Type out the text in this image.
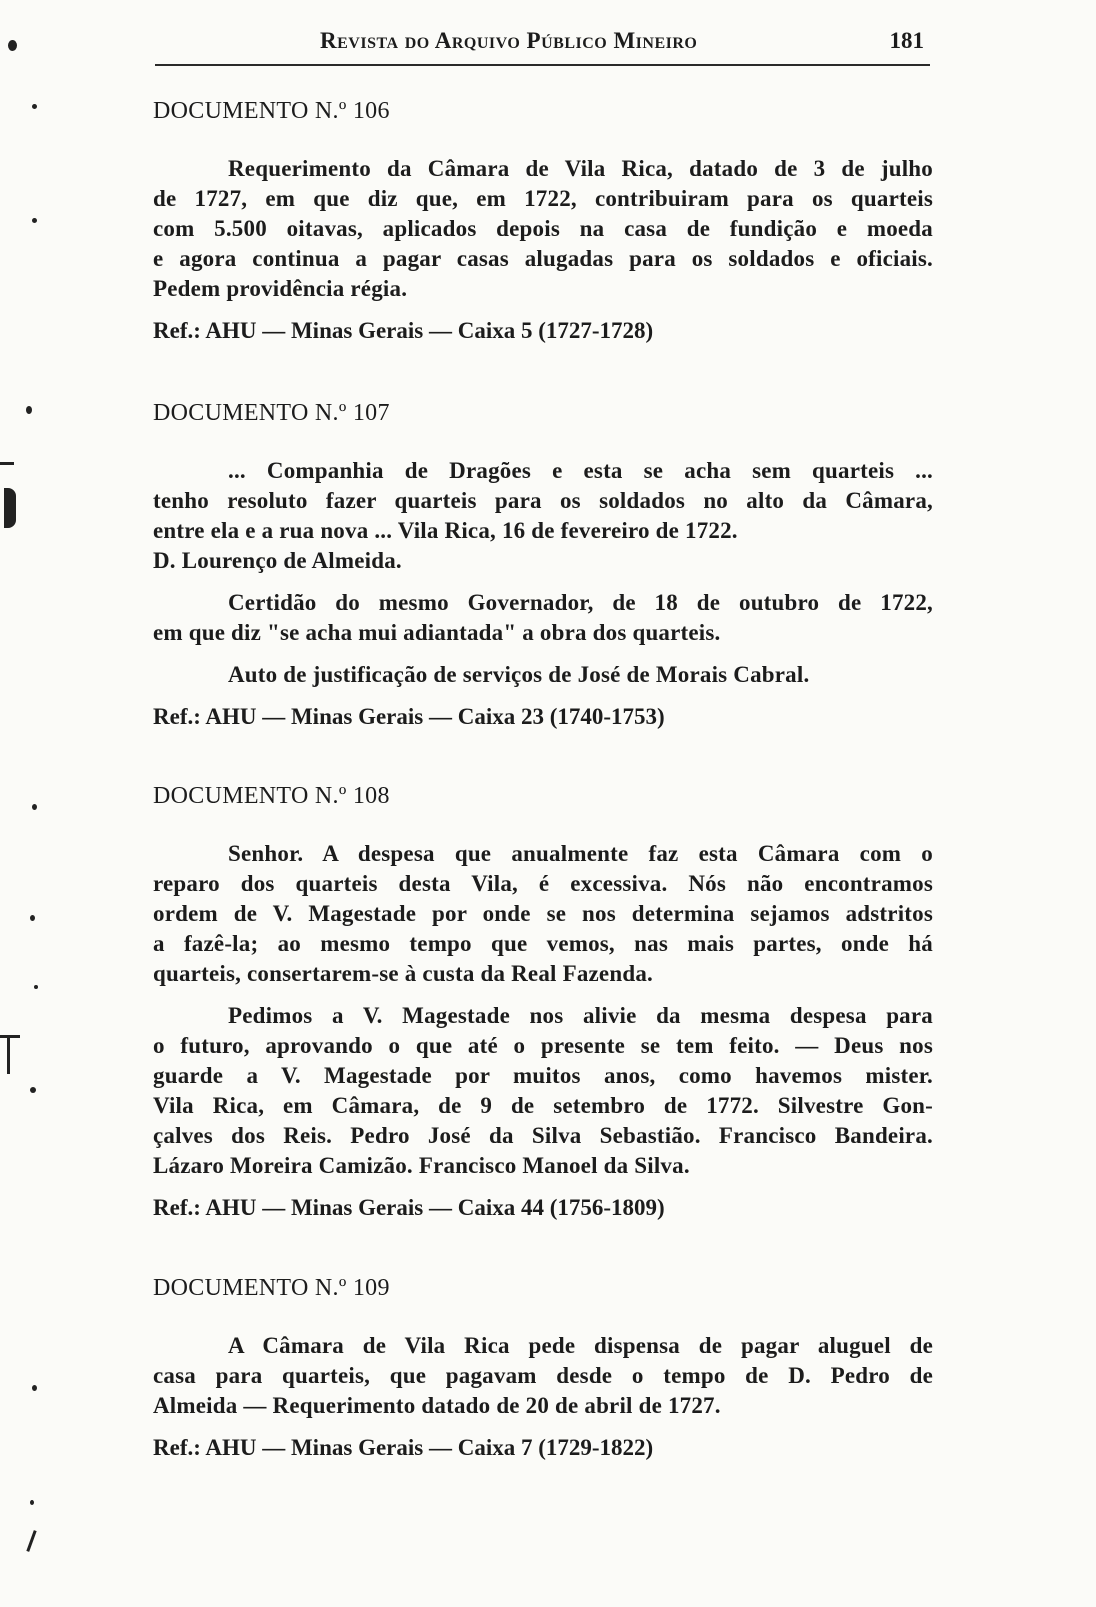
Revista do Arquivo Público Mineiro	181
DOCUMENTO N.º 106
Requerimento da Câmara de Vila Rica, datado de 3 de julho
de 1727, em que diz que, em 1722, contribuiram para os quarteis
com 5.500 oitavas, aplicados depois na casa de fundição e moeda
e agora continua a pagar casas alugadas para os soldados e oficiais.
Pedem providência régia.
Ref.: AHU — Minas Gerais — Caixa 5 (1727-1728)
DOCUMENTO N.º 107
... Companhia de Dragões e esta se acha sem quarteis ...
tenho resoluto fazer quarteis para os soldados no alto da Câmara,
entre ela e a rua nova ... Vila Rica, 16 de fevereiro de 1722.
D. Lourenço de Almeida.
Certidão do mesmo Governador, de 18 de outubro de 1722,
em que diz "se acha mui adiantada" a obra dos quarteis.
Auto de justificação de serviços de José de Morais Cabral.
Ref.: AHU — Minas Gerais — Caixa 23 (1740-1753)
DOCUMENTO N.º 108
Senhor. A despesa que anualmente faz esta Câmara com o
reparo dos quarteis desta Vila, é excessiva. Nós não encontramos
ordem de V. Magestade por onde se nos determina sejamos adstritos
a fazê-la; ao mesmo tempo que vemos, nas mais partes, onde há
quarteis, consertarem-se à custa da Real Fazenda.
Pedimos a V. Magestade nos alivie da mesma despesa para
o futuro, aprovando o que até o presente se tem feito. — Deus nos
guarde a V. Magestade por muitos anos, como havemos mister.
Vila Rica, em Câmara, de 9 de setembro de 1772. Silvestre Gon-
çalves dos Reis. Pedro José da Silva Sebastião. Francisco Bandeira.
Lázaro Moreira Camizão. Francisco Manoel da Silva.
Ref.: AHU — Minas Gerais — Caixa 44 (1756-1809)
DOCUMENTO N.º 109
A Câmara de Vila Rica pede dispensa de pagar aluguel de
casa para quarteis, que pagavam desde o tempo de D. Pedro de
Almeida — Requerimento datado de 20 de abril de 1727.
Ref.: AHU — Minas Gerais — Caixa 7 (1729-1822)
